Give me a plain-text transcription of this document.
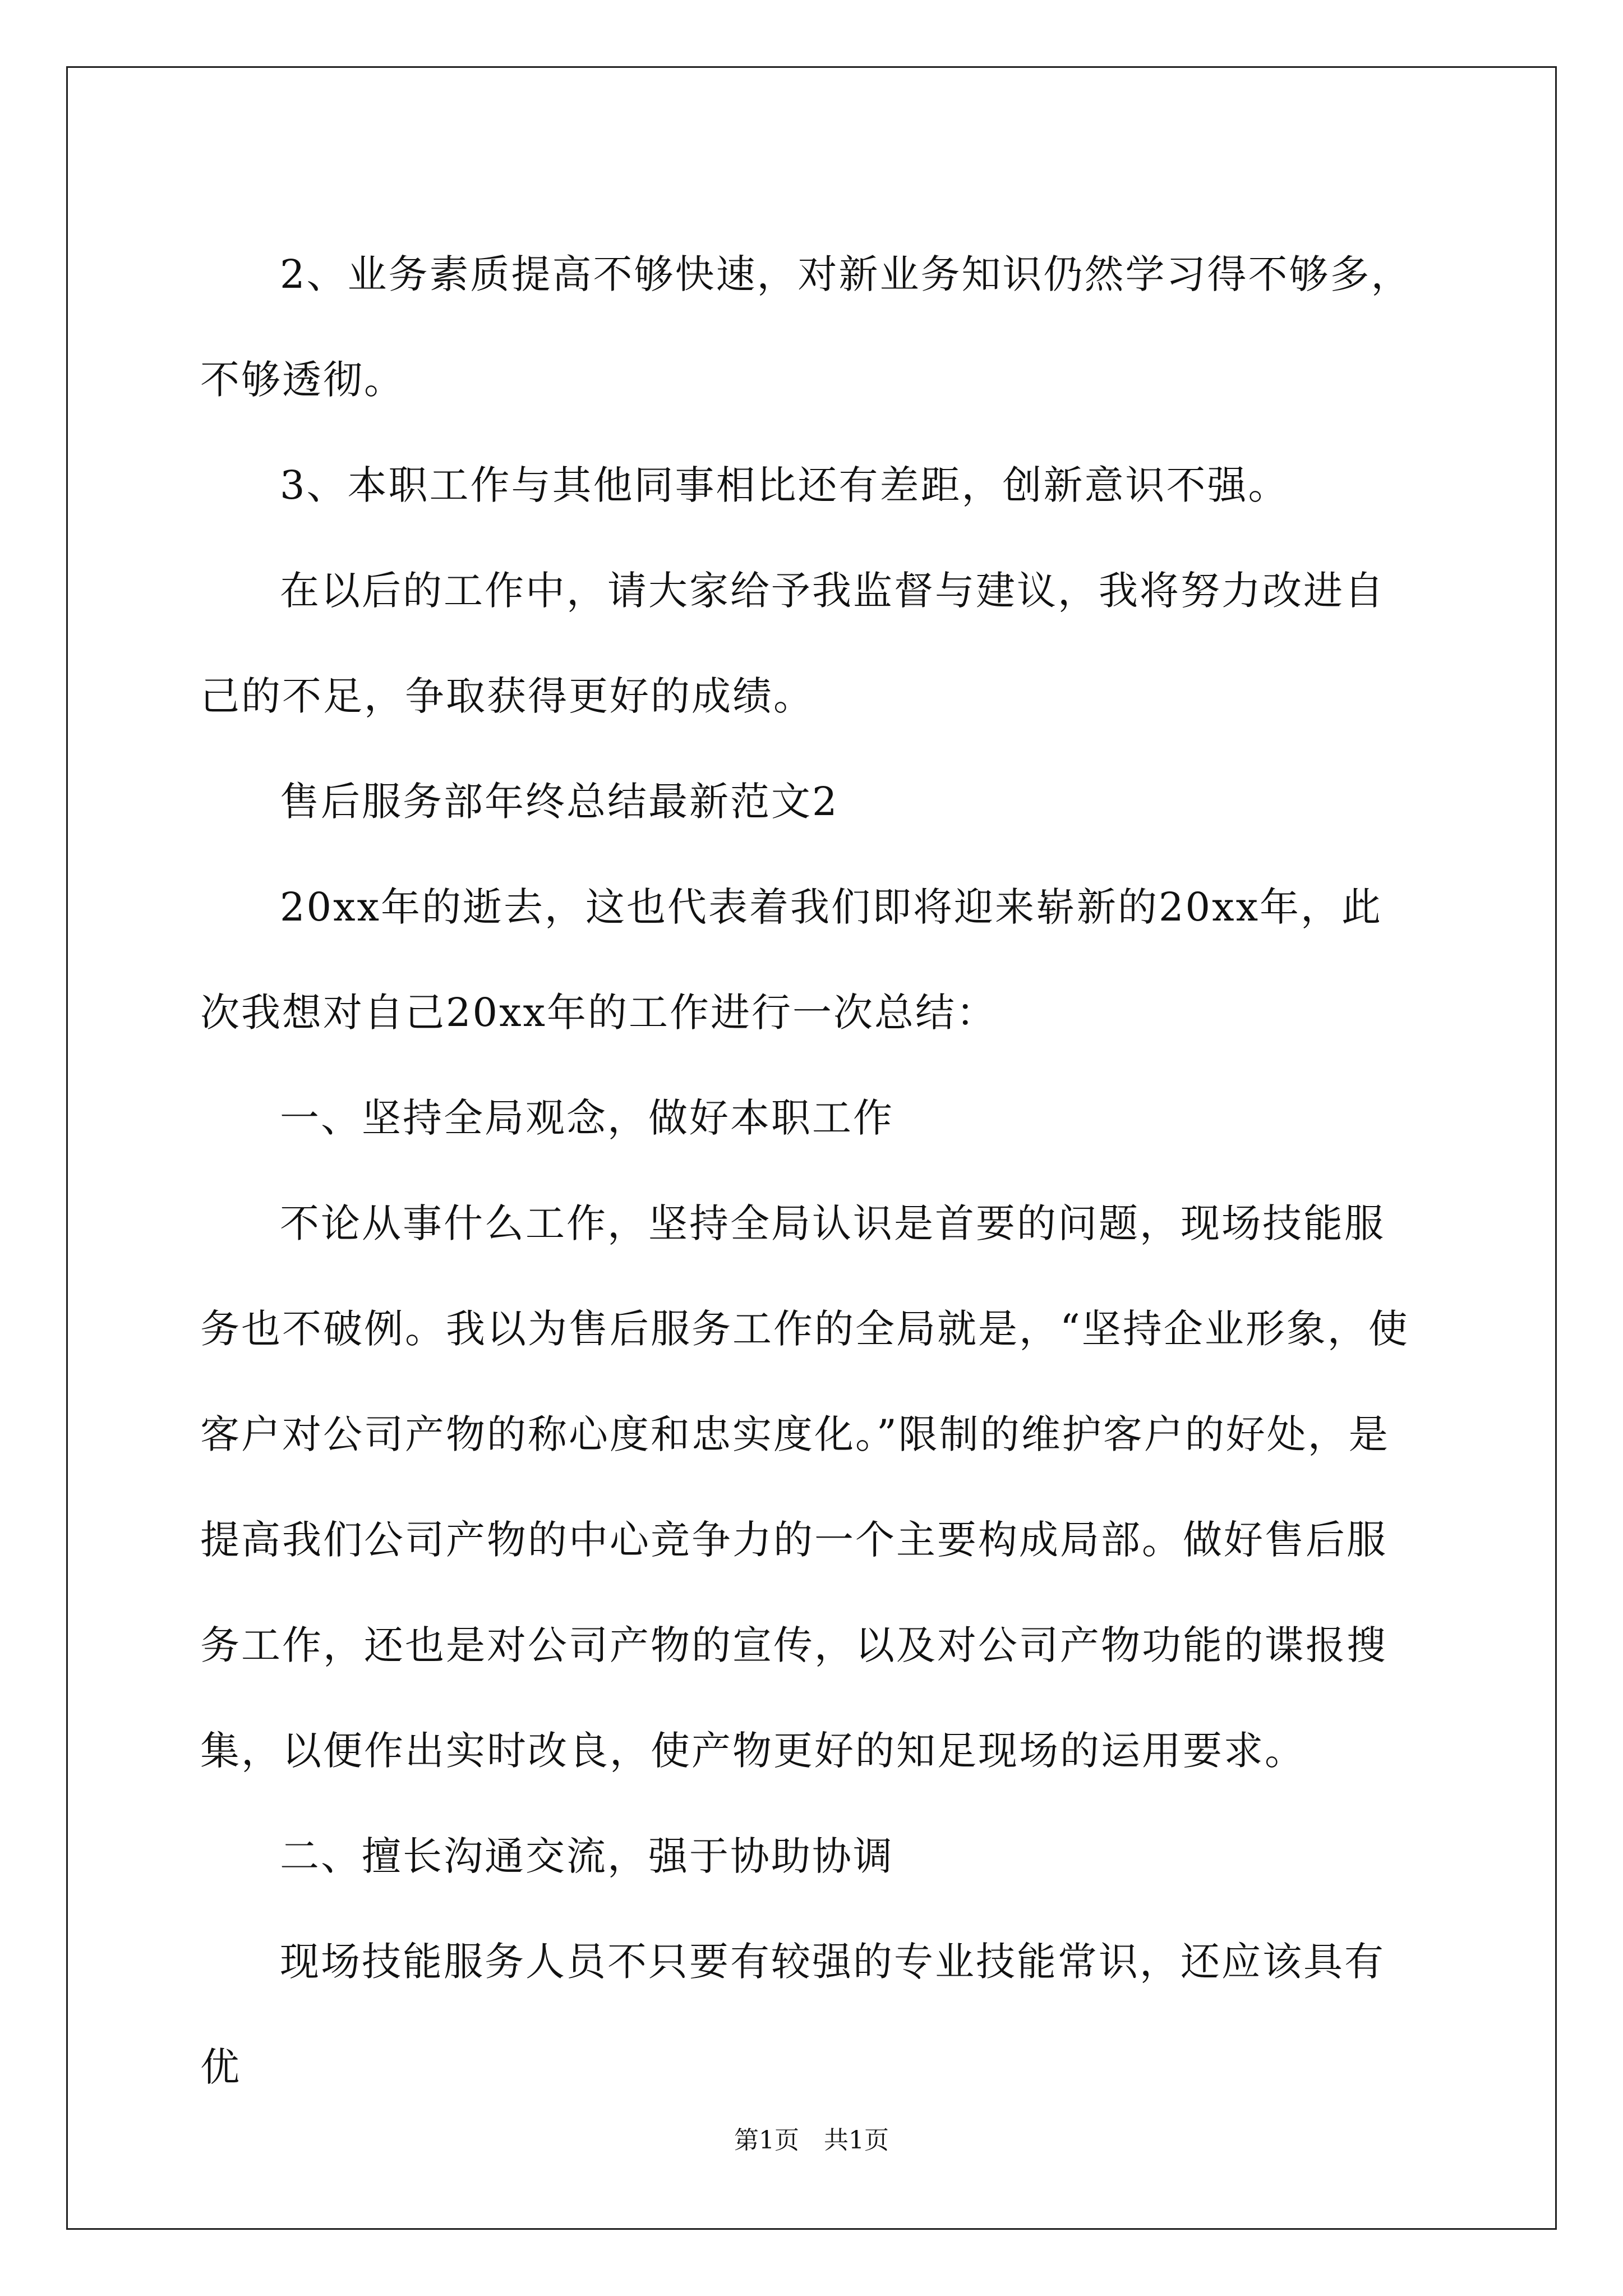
2、业务素质提高不够快速，对新业务知识仍然学习得不够多，不够透彻。

3、本职工作与其他同事相比还有差距，创新意识不强。

在以后的工作中，请大家给予我监督与建议，我将努力改进自己的不足，争取获得更好的成绩。

售后服务部年终总结最新范文2

20xx年的逝去，这也代表着我们即将迎来崭新的20xx年，此次我想对自己20xx年的工作进行一次总结：

一、坚持全局观念，做好本职工作

不论从事什么工作，坚持全局认识是首要的问题，现场技能服务也不破例。我以为售后服务工作的全局就是，“坚持企业形象，使客户对公司产物的称心度和忠实度化。”限制的维护客户的好处，是提高我们公司产物的中心竞争力的一个主要构成局部。做好售后服务工作，还也是对公司产物的宣传，以及对公司产物功能的谍报搜集，以便作出实时改良，使产物更好的知足现场的运用要求。

二、擅长沟通交流，强于协助协调

现场技能服务人员不只要有较强的专业技能常识，还应该具有优

第1页　共1页
